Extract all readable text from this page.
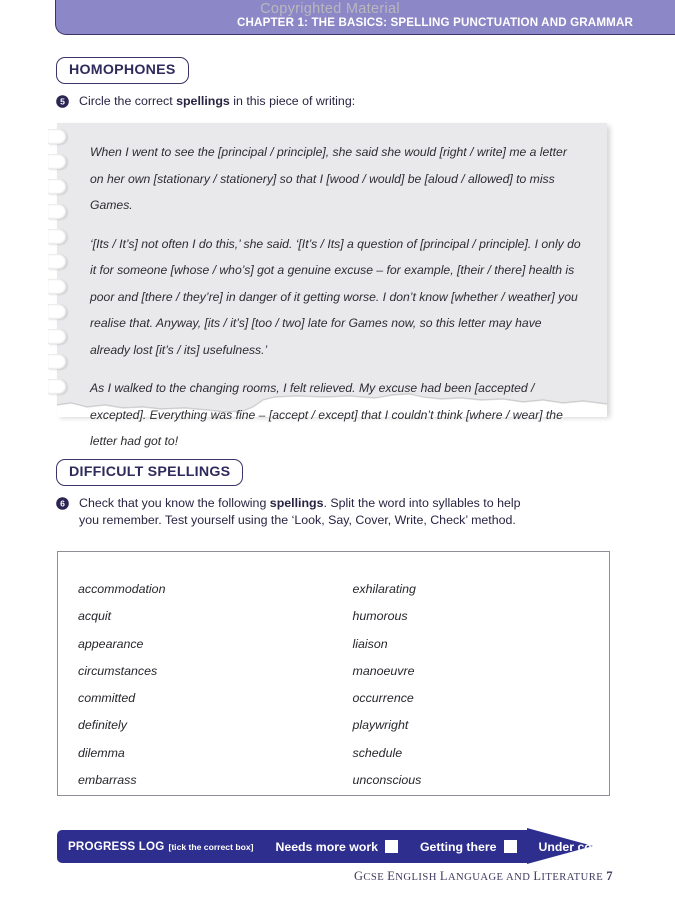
CHAPTER 1: THE BASICS: SPELLING PUNCTUATION AND GRAMMAR
Copyrighted Material
HOMOPHONES
5 Circle the correct spellings in this piece of writing:
When I went to see the [principal / principle], she said she would [right / write] me a letter on her own [stationary / stationery] so that I [wood / would] be [aloud / allowed] to miss Games.
‘[Its / It’s] not often I do this,’ she said. ‘[It’s / Its] a question of [principal / principle]. I only do it for someone [whose / who’s] got a genuine excuse – for example, [their / there] health is poor and [there / they’re] in danger of it getting worse. I don’t know [whether / weather] you realise that. Anyway, [its / it’s] [too / two] late for Games now, so this letter may have already lost [it’s / its] usefulness.’
As I walked to the changing rooms, I felt relieved. My excuse had been [accepted / excepted]. Everything was fine – [accept / except] that I couldn’t think [where / wear] the letter had got to!
DIFFICULT SPELLINGS
6 Check that you know the following spellings. Split the word into syllables to help you remember. Test yourself using the ‘Look, Say, Cover, Write, Check’ method.
accommodation
acquit
appearance
circumstances
committed
definitely
dilemma
embarrass
exhilarating
humorous
liaison
manoeuvre
occurrence
playwright
schedule
unconscious
PROGRESS LOG [tick the correct box] Needs more work	Getting there	Under control
GCSE ENGLISH LANGUAGE AND LITERATURE 7
